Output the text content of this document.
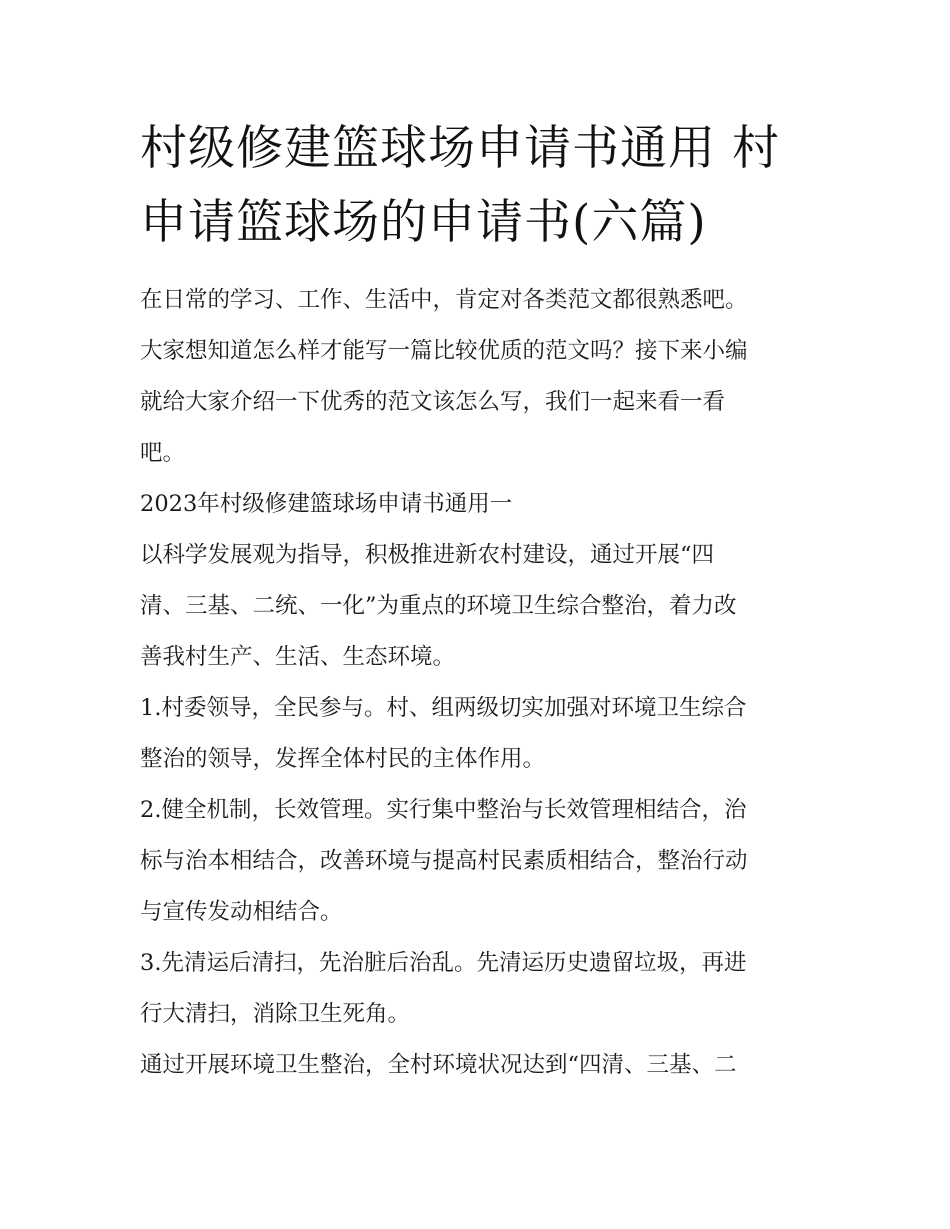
村级修建篮球场申请书通用 村
申请篮球场的申请书(六篇)
在日常的学习、工作、生活中，肯定对各类范文都很熟悉吧。
大家想知道怎么样才能写一篇比较优质的范文吗？接下来小编
就给大家介绍一下优秀的范文该怎么写，我们一起来看一看
吧。
2023年村级修建篮球场申请书通用一
以科学发展观为指导，积极推进新农村建设，通过开展“四
清、三基、二统、一化”为重点的环境卫生综合整治，着力改
善我村生产、生活、生态环境。
1.村委领导，全民参与。村、组两级切实加强对环境卫生综合
整治的领导，发挥全体村民的主体作用。
2.健全机制，长效管理。实行集中整治与长效管理相结合，治
标与治本相结合，改善环境与提高村民素质相结合，整治行动
与宣传发动相结合。
3.先清运后清扫，先治脏后治乱。先清运历史遗留垃圾，再进
行大清扫，消除卫生死角。
通过开展环境卫生整治，全村环境状况达到“四清、三基、二
